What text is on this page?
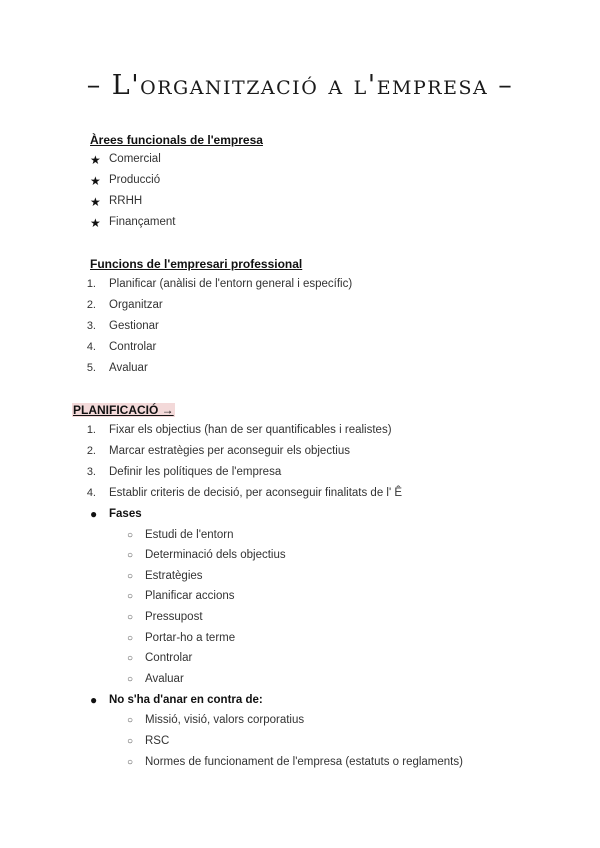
– L'organització a l'empresa –
Àrees funcionals de l'empresa
★ Comercial
★ Producció
★ RRHH
★ Finançament
Funcions de l'empresari professional
1. Planificar (anàlisi de l'entorn general i específic)
2. Organitzar
3. Gestionar
4. Controlar
5. Avaluar
PLANIFICACIÓ →
1. Fixar els objectius (han de ser quantificables i realistes)
2. Marcar estratègies per aconseguir els objectius
3. Definir les polítiques de l'empresa
4. Establir criteris de decisió, per aconseguir finalitats de l' Ê
●	Fases
○	Estudi de l'entorn
○	Determinació dels objectius
○	Estratègies
○	Planificar accions
○	Pressupost
○	Portar-ho a terme
○	Controlar
○	Avaluar
●	No s'ha d'anar en contra de:
○	Missió, visió, valors corporatius
○	RSC
○	Normes de funcionament de l'empresa (estatuts o reglaments)
